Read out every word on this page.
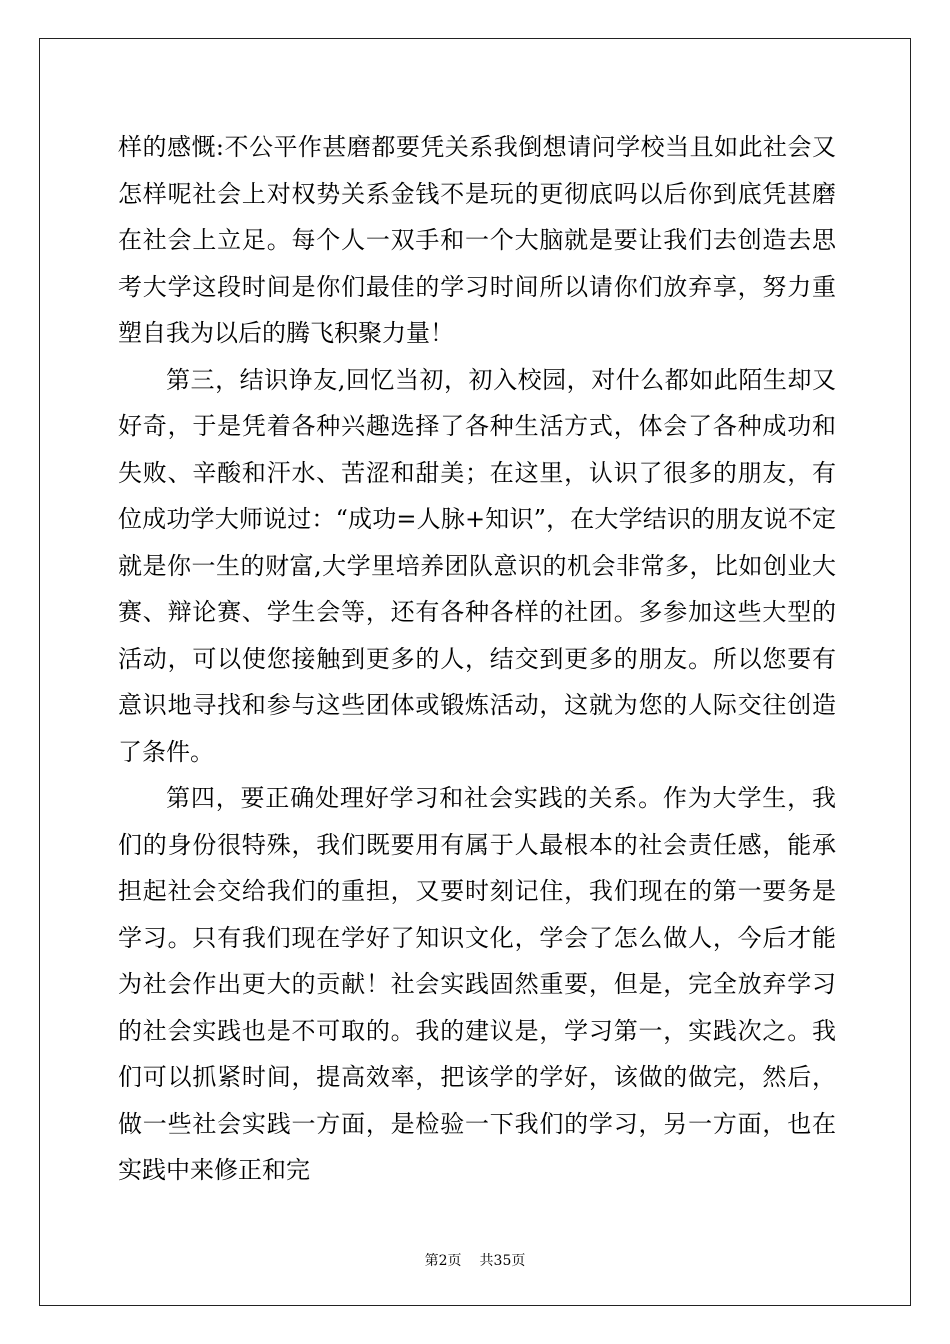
样的感慨:不公平作甚磨都要凭关系我倒想请问学校当且如此社会又怎样呢社会上对权势关系金钱不是玩的更彻底吗以后你到底凭甚磨在社会上立足。每个人一双手和一个大脑就是要让我们去创造去思考大学这段时间是你们最佳的学习时间所以请你们放弃享，努力重塑自我为以后的腾飞积聚力量！

第三，结识诤友,回忆当初，初入校园，对什么都如此陌生却又好奇，于是凭着各种兴趣选择了各种生活方式，体会了各种成功和失败、辛酸和汗水、苦涩和甜美；在这里，认识了很多的朋友，有位成功学大师说过：“成功=人脉+知识”，在大学结识的朋友说不定就是你一生的财富,大学里培养团队意识的机会非常多，比如创业大赛、辩论赛、学生会等，还有各种各样的社团。多参加这些大型的活动，可以使您接触到更多的人，结交到更多的朋友。所以您要有意识地寻找和参与这些团体或锻炼活动，这就为您的人际交往创造了条件。

第四，要正确处理好学习和社会实践的关系。作为大学生，我们的身份很特殊，我们既要用有属于人最根本的社会责任感，能承担起社会交给我们的重担，又要时刻记住，我们现在的第一要务是学习。只有我们现在学好了知识文化，学会了怎么做人，今后才能为社会作出更大的贡献！社会实践固然重要，但是，完全放弃学习的社会实践也是不可取的。我的建议是，学习第一，实践次之。我们可以抓紧时间，提高效率，把该学的学好，该做的做完，然后，做一些社会实践一方面，是检验一下我们的学习，另一方面，也在实践中来修正和完

第2页 共35页
